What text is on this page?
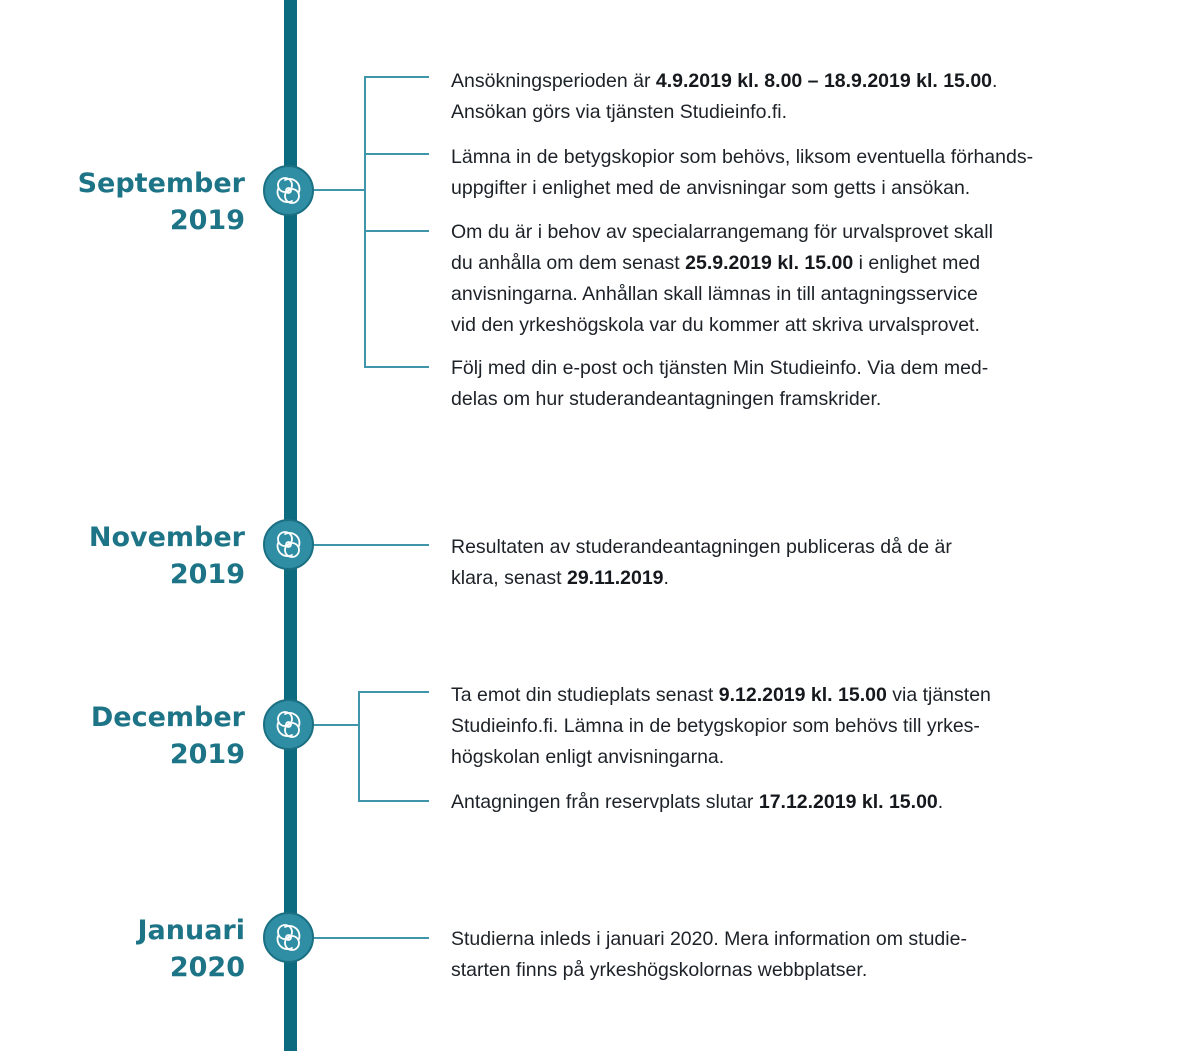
September
2019
Ansökningsperioden är 4.9.2019 kl. 8.00 – 18.9.2019 kl. 15.00.
Ansökan görs via tjänsten Studieinfo.fi.
Lämna in de betygskopior som behövs, liksom eventuella förhands-
uppgifter i enlighet med de anvisningar som getts i ansökan.
Om du är i behov av specialarrangemang för urvalsprovet skall
du anhålla om dem senast 25.9.2019 kl. 15.00 i enlighet med
anvisningarna. Anhållan skall lämnas in till antagningsservice
vid den yrkeshögskola var du kommer att skriva urvalsprovet.
Följ med din e-post och tjänsten Min Studieinfo. Via dem med-
delas om hur studerandeantagningen framskrider.
November
2019
Resultaten av studerandeantagningen publiceras då de är
klara, senast 29.11.2019.
December
2019
Ta emot din studieplats senast 9.12.2019 kl. 15.00 via tjänsten
Studieinfo.fi. Lämna in de betygskopior som behövs till yrkes-
högskolan enligt anvisningarna.
Antagningen från reservplats slutar 17.12.2019 kl. 15.00.
Januari
2020
Studierna inleds i januari 2020. Mera information om studie-
starten finns på yrkeshögskolornas webbplatser.
